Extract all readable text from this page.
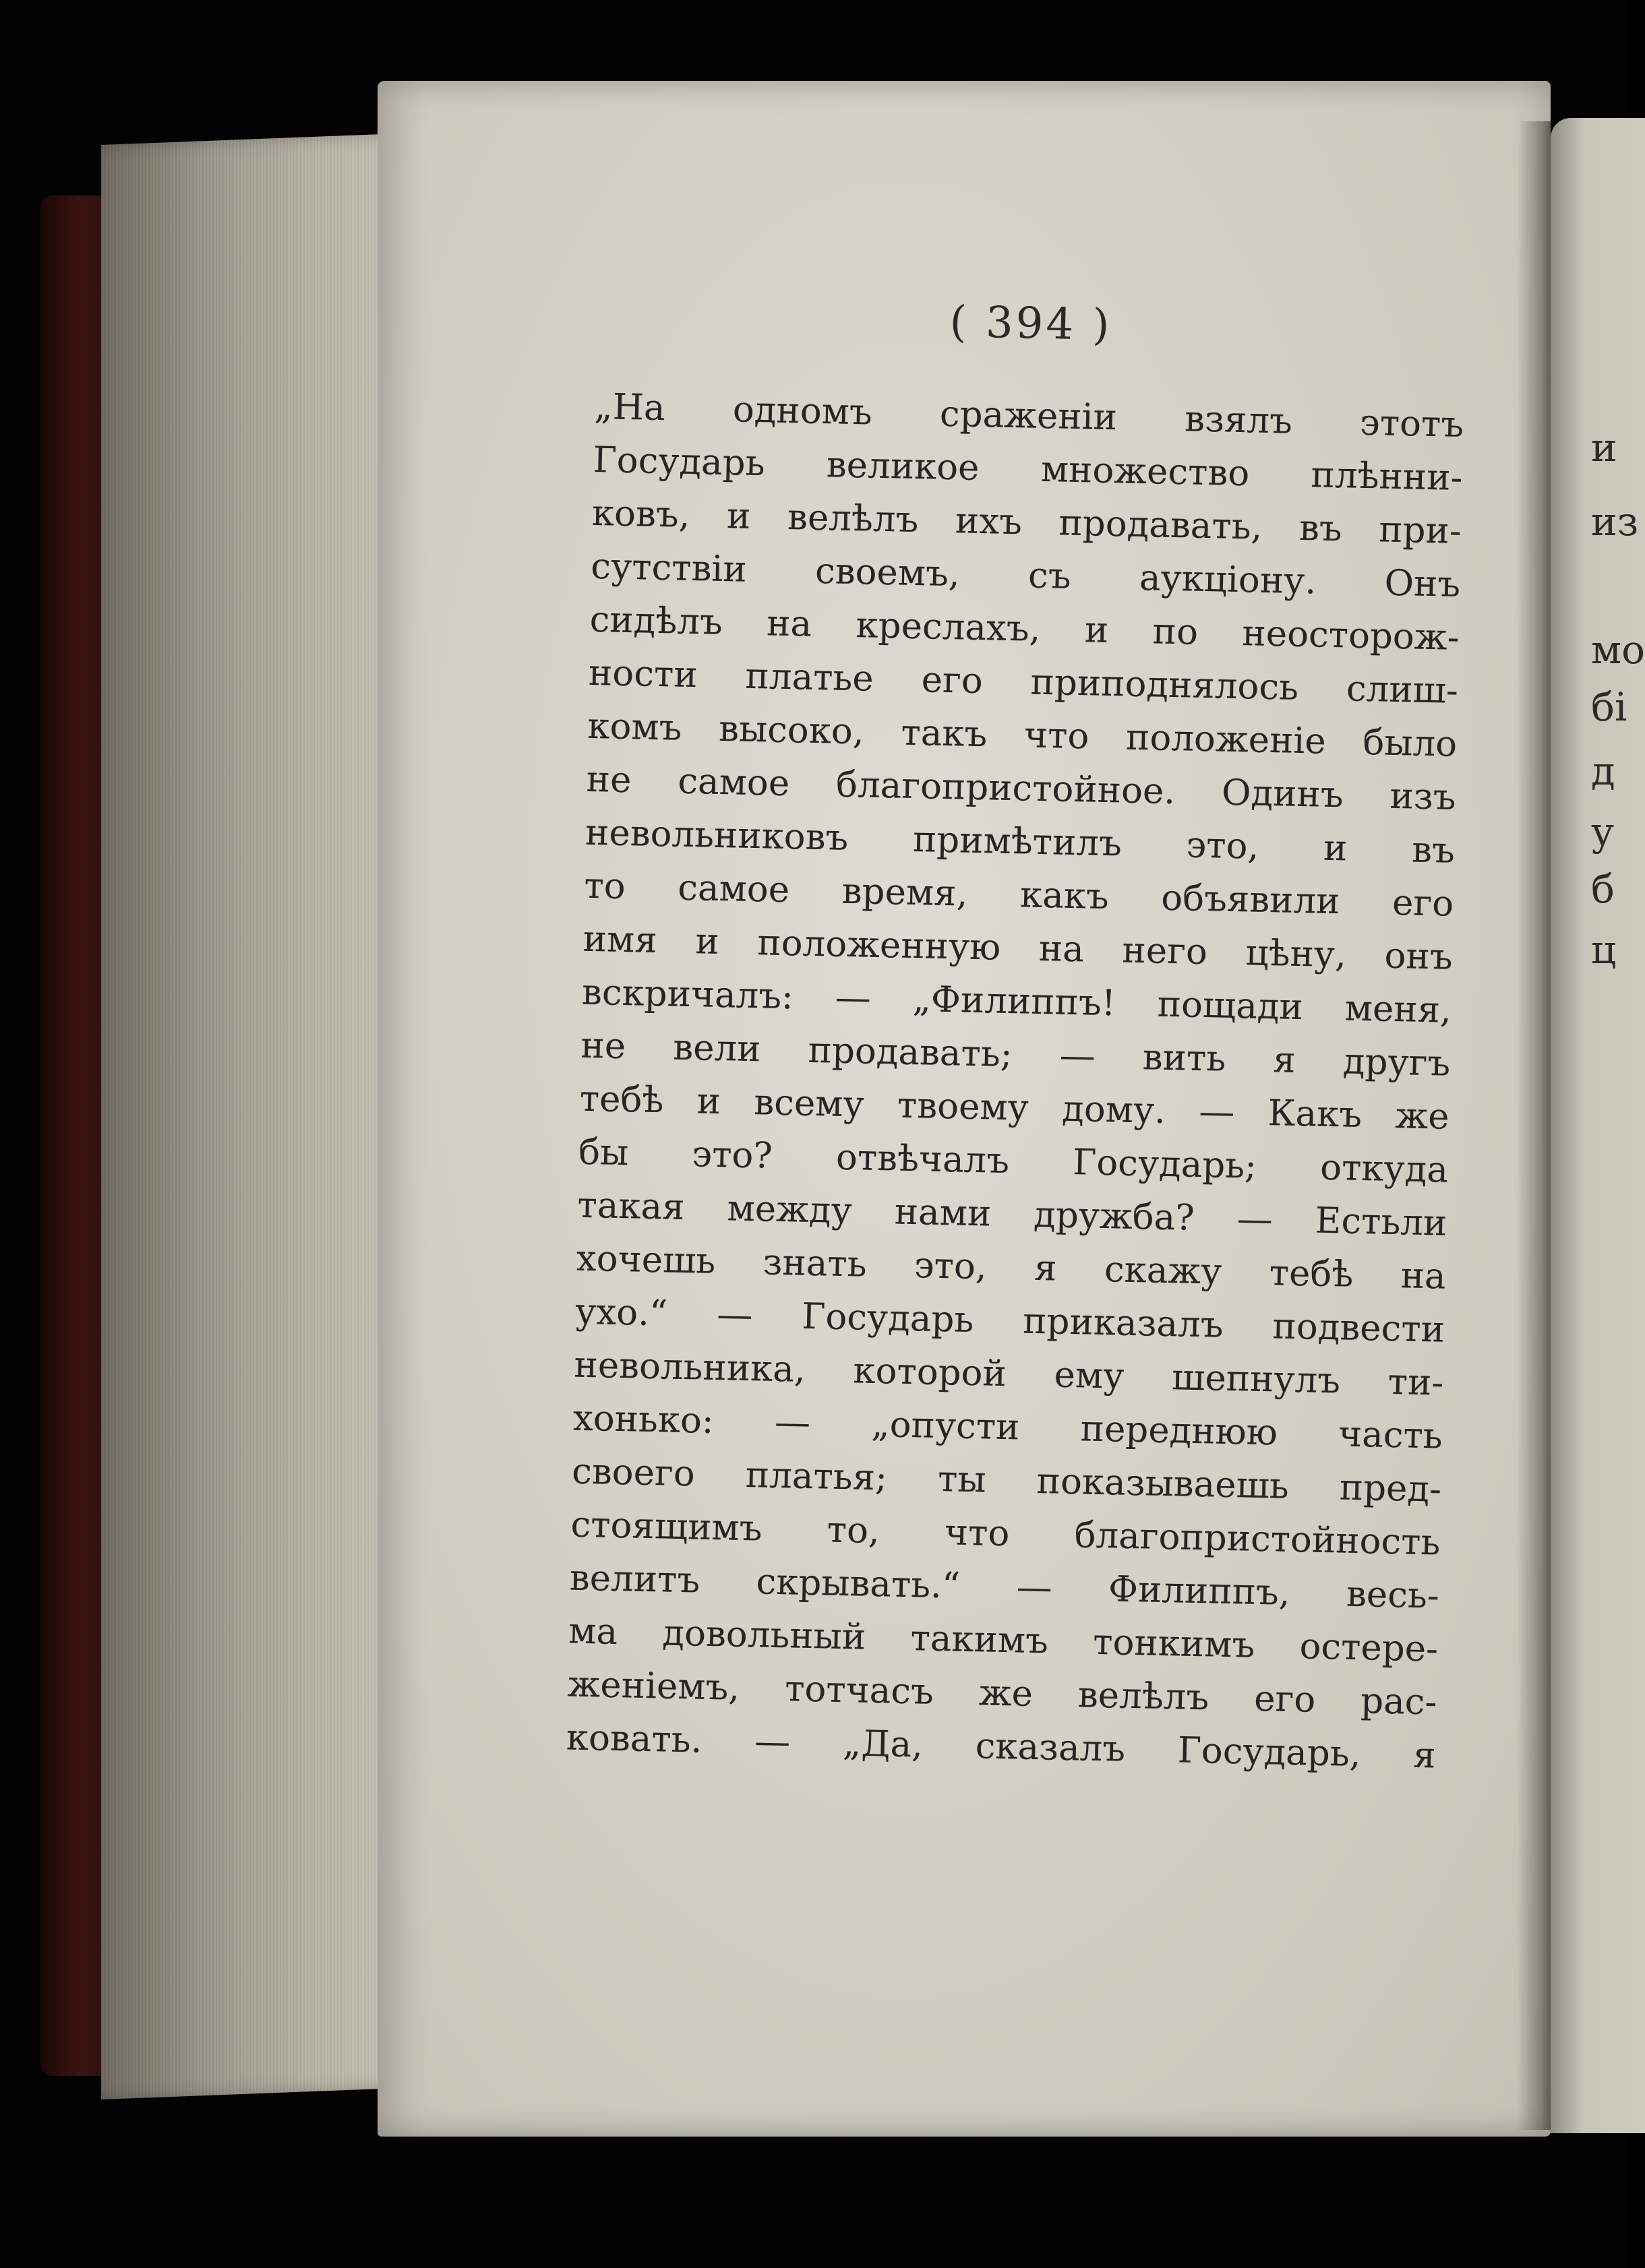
( 394 )
„На одномъ сраженіи взялъ этотъ
Государь великое множество плѣнни-
ковъ, и велѣлъ ихъ продавать, въ при-
сутствіи своемъ, съ аукціону. Онъ
сидѣлъ на креслахъ, и по неосторож-
ности платье его приподнялось слиш-
комъ высоко, такъ что положеніе было
не самое благопристойное. Одинъ изъ
невольниковъ примѣтилъ это, и въ
то самое время, какъ объявили его
имя и положенную на него цѣну, онъ
вскричалъ: — „Филиппъ! пощади меня,
не вели продавать; — вить я другъ
тебѣ и всему твоему дому. — Какъ же
бы это? отвѣчалъ Государь; откуда
такая между нами дружба? — Естьли
хочешь знать это, я скажу тебѣ на
ухо.“ — Государь приказалъ подвести
невольника, которой ему шепнулъ ти-
хонько: — „опусти переднюю часть
своего платья; ты показываешь пред-
стоящимъ то, что благопристойность
велитъ скрывать.“ — Филиппъ, весь-
ма довольный такимъ тонкимъ остере-
женіемъ, тотчасъ же велѣлъ его рас-
ковать. — „Да, сказалъ Государь, я
и
из
мо
бі
д
у
б
ц
